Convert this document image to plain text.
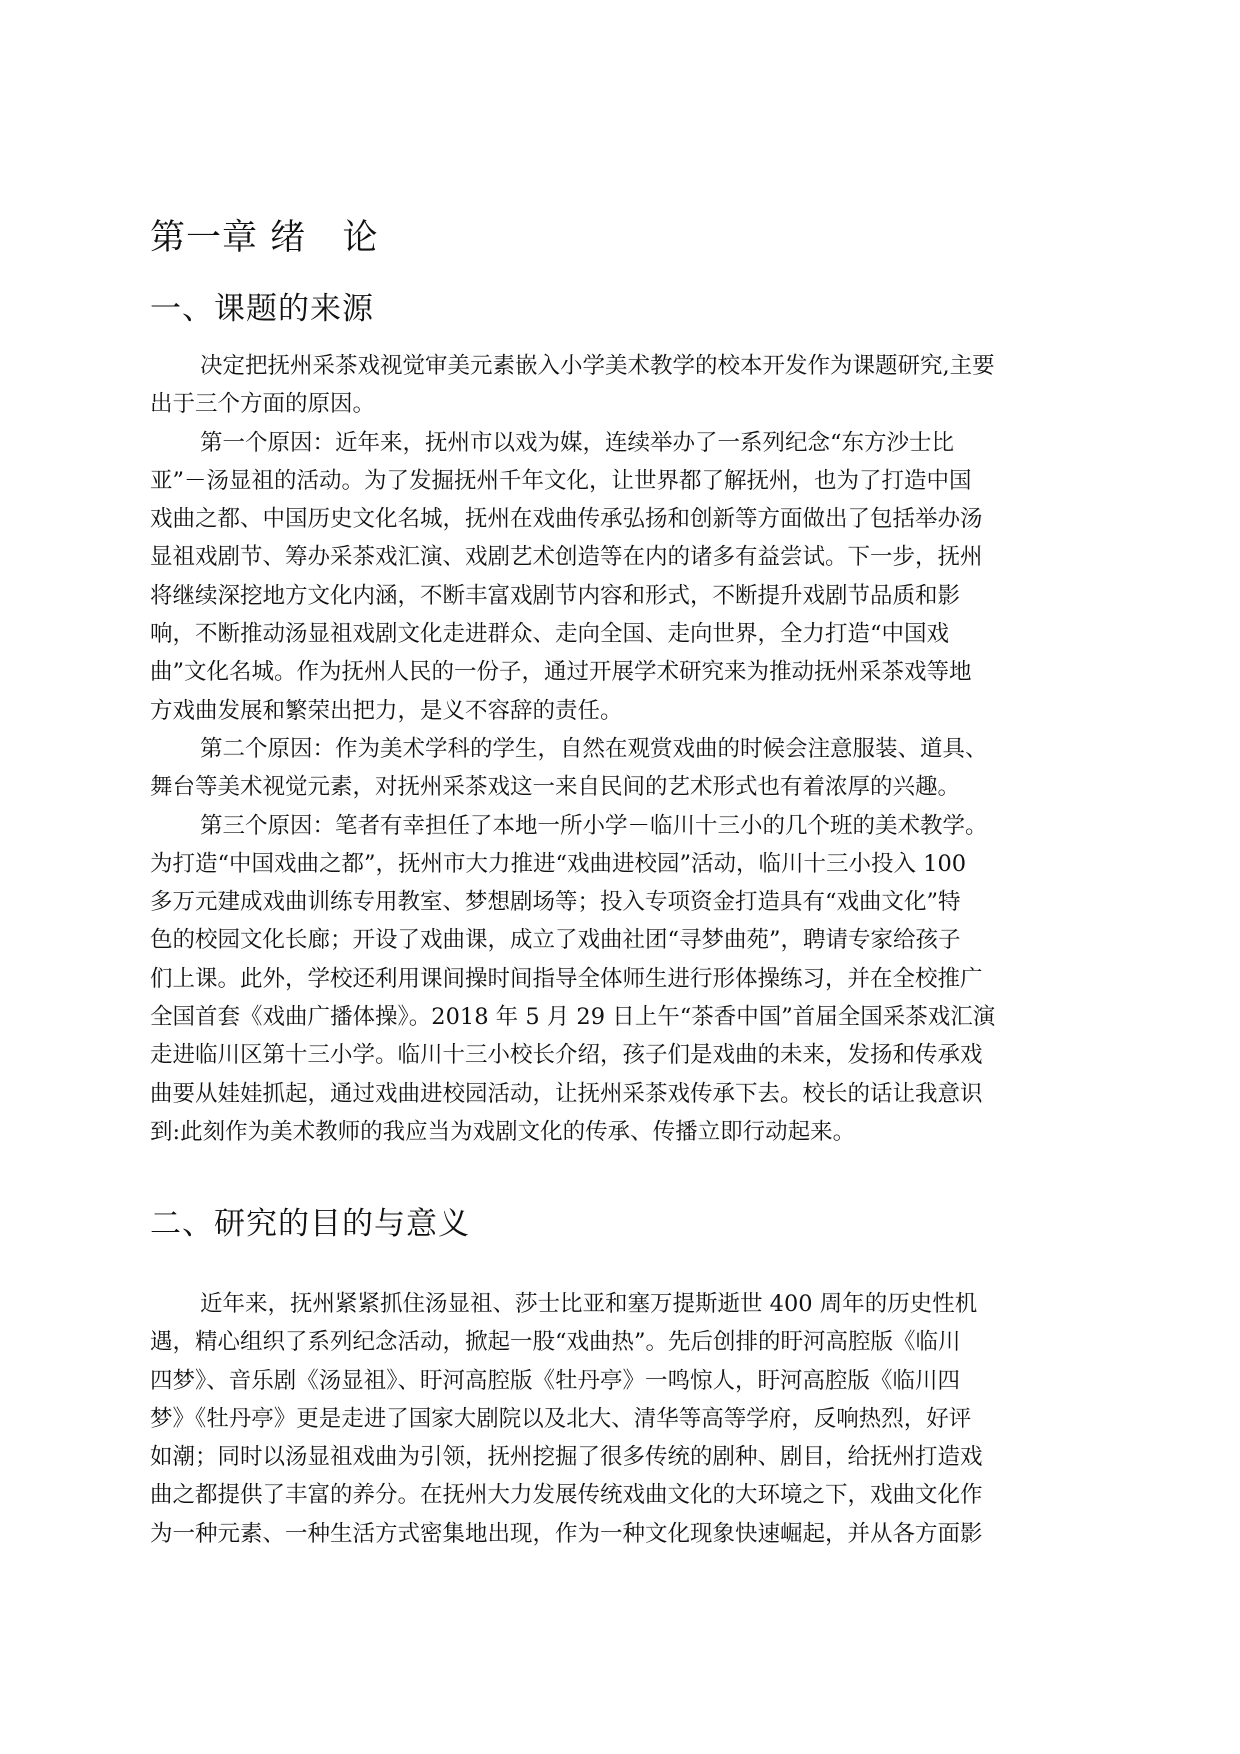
第一章 绪   论
一、课题的来源
决定把抚州采茶戏视觉审美元素嵌入小学美术教学的校本开发作为课题研究,主要
出于三个方面的原因。
第一个原因：近年来，抚州市以戏为媒，连续举办了一系列纪念“东方沙士比
亚”－汤显祖的活动。为了发掘抚州千年文化，让世界都了解抚州，也为了打造中国
戏曲之都、中国历史文化名城，抚州在戏曲传承弘扬和创新等方面做出了包括举办汤
显祖戏剧节、筹办采茶戏汇演、戏剧艺术创造等在内的诸多有益尝试。下一步，抚州
将继续深挖地方文化内涵，不断丰富戏剧节内容和形式，不断提升戏剧节品质和影
响，不断推动汤显祖戏剧文化走进群众、走向全国、走向世界，全力打造“中国戏
曲”文化名城。作为抚州人民的一份子，通过开展学术研究来为推动抚州采茶戏等地
方戏曲发展和繁荣出把力，是义不容辞的责任。
第二个原因：作为美术学科的学生，自然在观赏戏曲的时候会注意服装、道具、
舞台等美术视觉元素，对抚州采茶戏这一来自民间的艺术形式也有着浓厚的兴趣。
第三个原因：笔者有幸担任了本地一所小学－临川十三小的几个班的美术教学。
为打造“中国戏曲之都”，抚州市大力推进“戏曲进校园”活动，临川十三小投入 100
多万元建成戏曲训练专用教室、梦想剧场等；投入专项资金打造具有“戏曲文化”特
色的校园文化长廊；开设了戏曲课，成立了戏曲社团“寻梦曲苑”，聘请专家给孩子
们上课。此外，学校还利用课间操时间指导全体师生进行形体操练习，并在全校推广
全国首套《戏曲广播体操》。2018 年 5 月 29 日上午“茶香中国”首届全国采茶戏汇演
走进临川区第十三小学。临川十三小校长介绍，孩子们是戏曲的未来，发扬和传承戏
曲要从娃娃抓起，通过戏曲进校园活动，让抚州采茶戏传承下去。校长的话让我意识
到:此刻作为美术教师的我应当为戏剧文化的传承、传播立即行动起来。
二、研究的目的与意义
近年来，抚州紧紧抓住汤显祖、莎士比亚和塞万提斯逝世 400 周年的历史性机
遇，精心组织了系列纪念活动，掀起一股“戏曲热”。先后创排的盱河高腔版《临川
四梦》、音乐剧《汤显祖》、盱河高腔版《牡丹亭》一鸣惊人，盱河高腔版《临川四
梦》《牡丹亭》更是走进了国家大剧院以及北大、清华等高等学府，反响热烈，好评
如潮；同时以汤显祖戏曲为引领，抚州挖掘了很多传统的剧种、剧目，给抚州打造戏
曲之都提供了丰富的养分。在抚州大力发展传统戏曲文化的大环境之下，戏曲文化作
为一种元素、一种生活方式密集地出现，作为一种文化现象快速崛起，并从各方面影
